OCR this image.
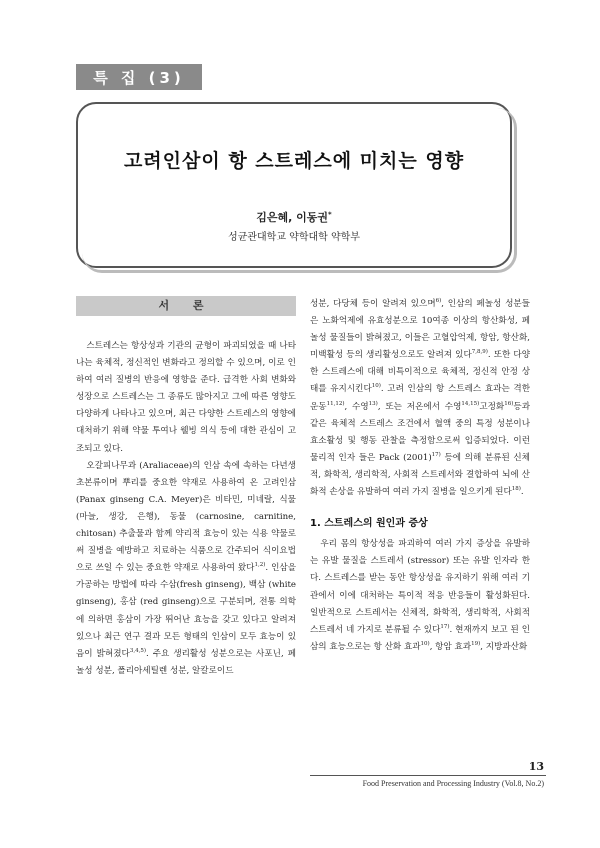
특 집 (3)
고려인삼이 항 스트레스에 미치는 영향
김은혜, 이동권*
성균관대학교 약학대학 약학부
서 론

스트레스는 항상성과 기관의 균형이 파괴되었을 때 나타나는 육체적, 정신적인 변화라고 정의할 수 있으며, 이로 인하여 여러 질병의 반응에 영향을 준다. 급격한 사회 변화와 성장으로 스트레스는 그 종류도 많아지고 그에 따른 영향도 다양하게 나타나고 있으며, 최근 다양한 스트레스의 영향에 대처하기 위해 약물 투여나 웰빙 의식 등에 대한 관심이 고조되고 있다.

오갈피나무과 (Araliaceae)의 인삼 속에 속하는 다년생 초본류이며 뿌리를 중요한 약재로 사용하여 온 고려인삼 (Panax ginseng C.A. Meyer)은 비타민, 미네랄, 식물 (마늘, 생강, 은행), 동물 (carnosine, carnitine, chitosan) 추출물과 함께 약리적 효능이 있는 식용 약물로써 질병을 예방하고 치료하는 식품으로 간주되어 식이요법으로 쓰일 수 있는 중요한 약재로 사용하여 왔다$^{1,2)}$. 인삼을 가공하는 방법에 따라 수삼(fresh ginseng), 백삼 (white ginseng), 홍삼 (red ginseng)으로 구분되며, 전통 의학에 의하면 홍삼이 가장 뛰어난 효능을 갖고 있다고 알려져 있으나 최근 연구 결과 모든 형태의 인삼이 모두 효능이 있음이 밝혀졌다$^{3,4,5)}$. 주요 생리활성 성분으로는 사포닌, 페놀성 성분, 폴리아세틸렌 성분, 알칼로이드

성분, 다당체 등이 알려져 있으며$^{6)}$, 인삼의 페놀성 성분들은 노화억제에 유효성분으로 10여종 이상의 항산화성, 페놀성 물질들이 밝혀졌고, 이들은 고혈압억제, 항암, 항산화, 미백활성 등의 생리활성으로도 알려져 있다$^{7,8,9)}$. 또한 다양한 스트레스에 대해 비특이적으로 육체적, 정신적 안정 상태를 유지시킨다$^{10)}$. 고려 인삼의 항 스트레스 효과는 격한 운동$^{11,12)}$, 수영$^{13)}$, 또는 저온에서 수영$^{14,15)}$고정화$^{16)}$등과 같은 육체적 스트레스 조건에서 혈액 중의 특정 성분이나 효소활성 및 행동 관찰을 측정함으로써 입증되었다. 이런 물리적 인자 들은 Pack $(2001)^{17)}$ 등에 의해 분류된 신체적, 화학적, 생리학적, 사회적 스트레서와 결합하여 뇌에 산화적 손상을 유발하여 여러 가지 질병을 일으키게 된다$^{18)}$.

1. 스트레스의 원인과 증상

우리 몸의 항상성을 파괴하여 여러 가지 증상을 유발하는 유발 물질을 스트레서 (stressor) 또는 유발 인자라 한다. 스트레스를 받는 동안 항상성을 유지하기 위해 여러 기관에서 이에 대처하는 특이적 적응 반응들이 활성화된다. 일반적으로 스트레서는 신체적, 화학적, 생리학적, 사회적 스트레서 네 가지로 분류될 수 있다$^{17)}$. 현재까지 보고 된 인삼의 효능으로는 항 산화 효과$^{10)}$, 항암 효과$^{19)}$, 지방과산화

13
Food Preservation and Processing Industry (Vol.8, No.2)
